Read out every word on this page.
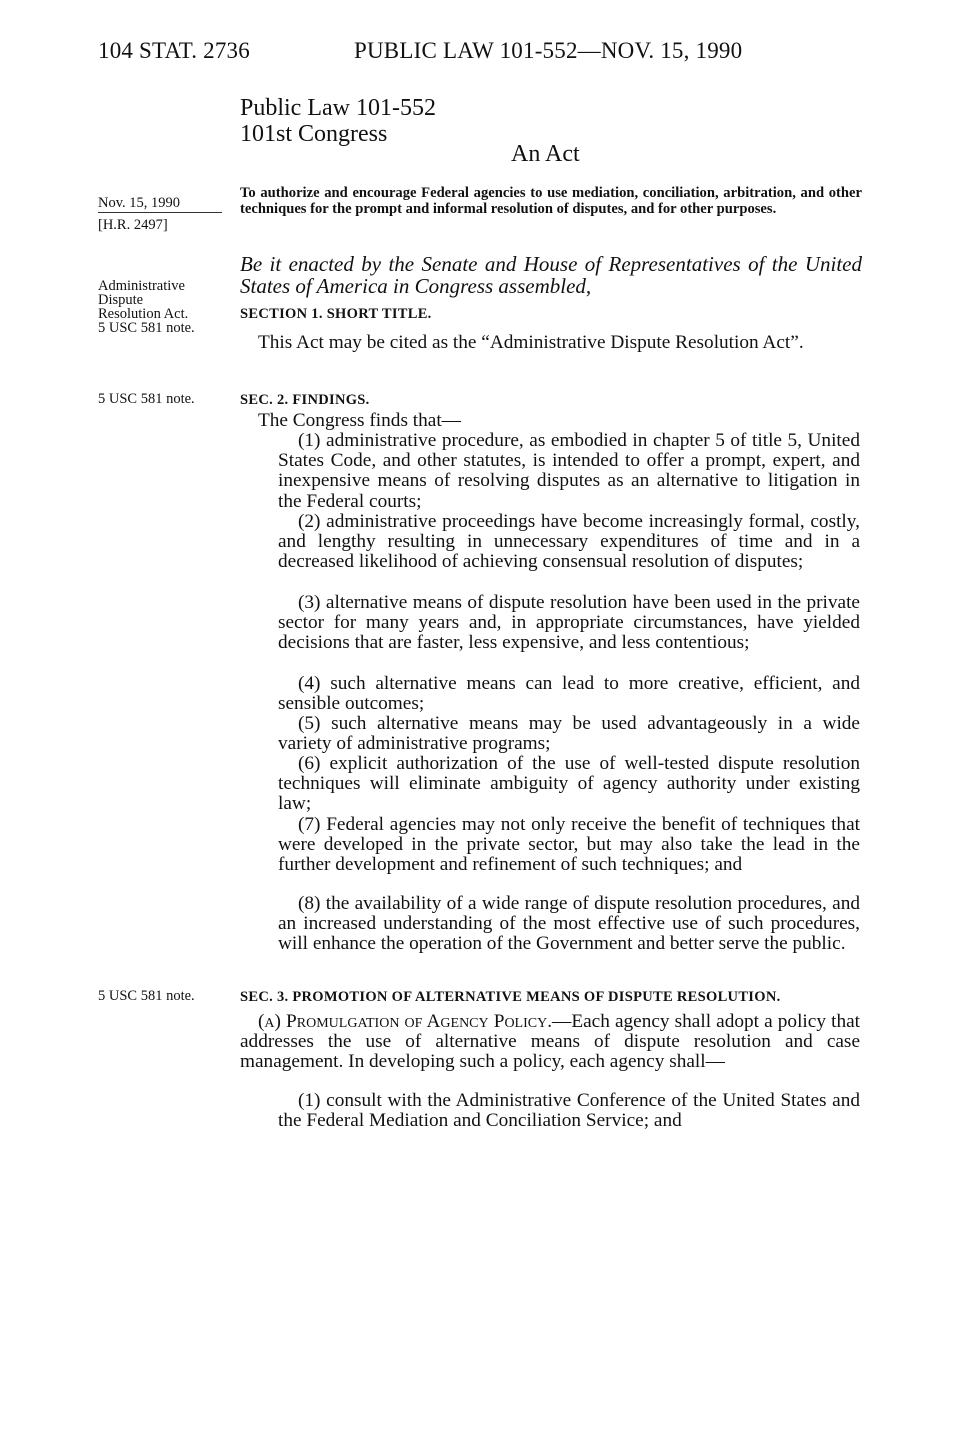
104 STAT. 2736	PUBLIC LAW 101-552—NOV. 15, 1990
Public Law 101-552
101st Congress
An Act
Nov. 15, 1990
[H.R. 2497]
To authorize and encourage Federal agencies to use mediation, conciliation, arbitration, and other techniques for the prompt and informal resolution of disputes, and for other purposes.
Administrative
Dispute
Resolution Act.
5 USC 581 note.
Be it enacted by the Senate and House of Representatives of the United States of America in Congress assembled,
SECTION 1. SHORT TITLE.
This Act may be cited as the “Administrative Dispute Resolution Act”.
5 USC 581 note.	SEC. 2. FINDINGS.
The Congress finds that—
(1) administrative procedure, as embodied in chapter 5 of title 5, United States Code, and other statutes, is intended to offer a prompt, expert, and inexpensive means of resolving disputes as an alternative to litigation in the Federal courts;
(2) administrative proceedings have become increasingly formal, costly, and lengthy resulting in unnecessary expenditures of time and in a decreased likelihood of achieving consensual resolution of disputes;
(3) alternative means of dispute resolution have been used in the private sector for many years and, in appropriate circumstances, have yielded decisions that are faster, less expensive, and less contentious;
(4) such alternative means can lead to more creative, efficient, and sensible outcomes;
(5) such alternative means may be used advantageously in a wide variety of administrative programs;
(6) explicit authorization of the use of well-tested dispute resolution techniques will eliminate ambiguity of agency authority under existing law;
(7) Federal agencies may not only receive the benefit of techniques that were developed in the private sector, but may also take the lead in the further development and refinement of such techniques; and
(8) the availability of a wide range of dispute resolution procedures, and an increased understanding of the most effective use of such procedures, will enhance the operation of the Government and better serve the public.
5 USC 581 note.	SEC. 3. PROMOTION OF ALTERNATIVE MEANS OF DISPUTE RESOLUTION.
(a) Promulgation of Agency Policy.—Each agency shall adopt a policy that addresses the use of alternative means of dispute resolution and case management. In developing such a policy, each agency shall—
(1) consult with the Administrative Conference of the United States and the Federal Mediation and Conciliation Service; and
